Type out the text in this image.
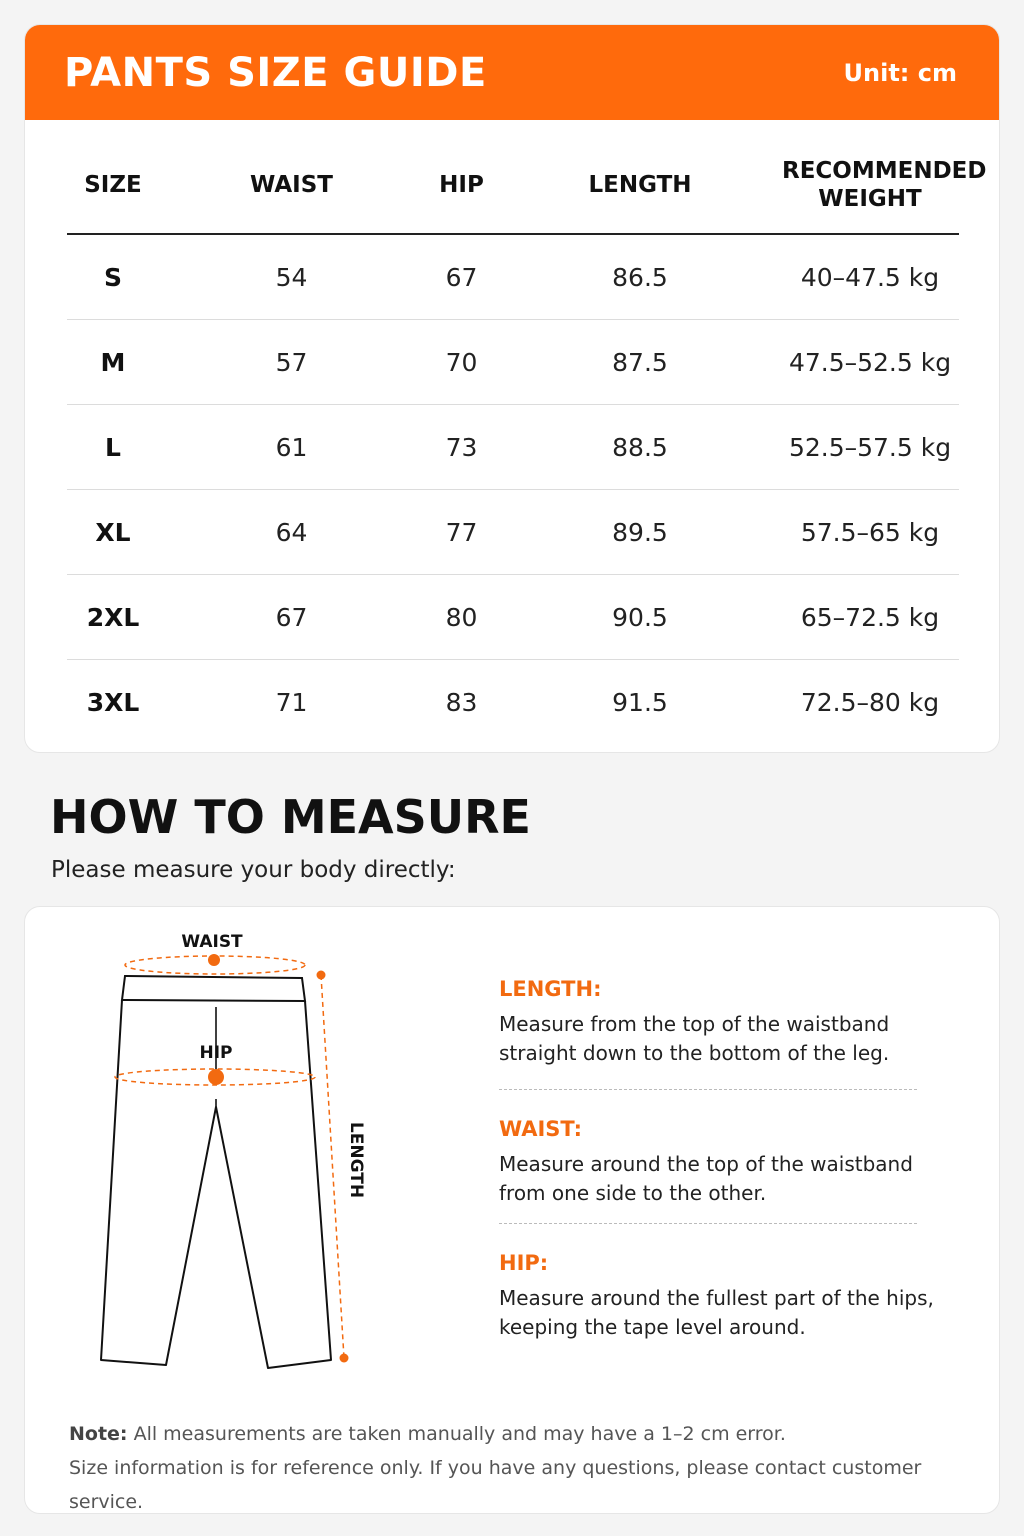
PANTS SIZE GUIDE	Unit: cm
SIZE	WAIST	HIP	LENGTH	RECOMMENDED
WEIGHT
S	54	67	86.5	40–47.5 kg
M	57	70	87.5	47.5–52.5 kg
L	61	73	88.5	52.5–57.5 kg
XL	64	77	89.5	57.5–65 kg
2XL	67	80	90.5	65–72.5 kg
3XL	71	83	91.5	72.5–80 kg
HOW TO MEASURE
Please measure your body directly:
WAIST
HIP
LENGTH
LENGTH:
Measure from the top of the waistband
straight down to the bottom of the leg.
WAIST:
Measure around the top of the waistband
from one side to the other.
HIP:
Measure around the fullest part of the hips,
keeping the tape level around.
Note: All measurements are taken manually and may have a 1–2 cm error.
Size information is for reference only. If you have any questions, please contact customer service.
